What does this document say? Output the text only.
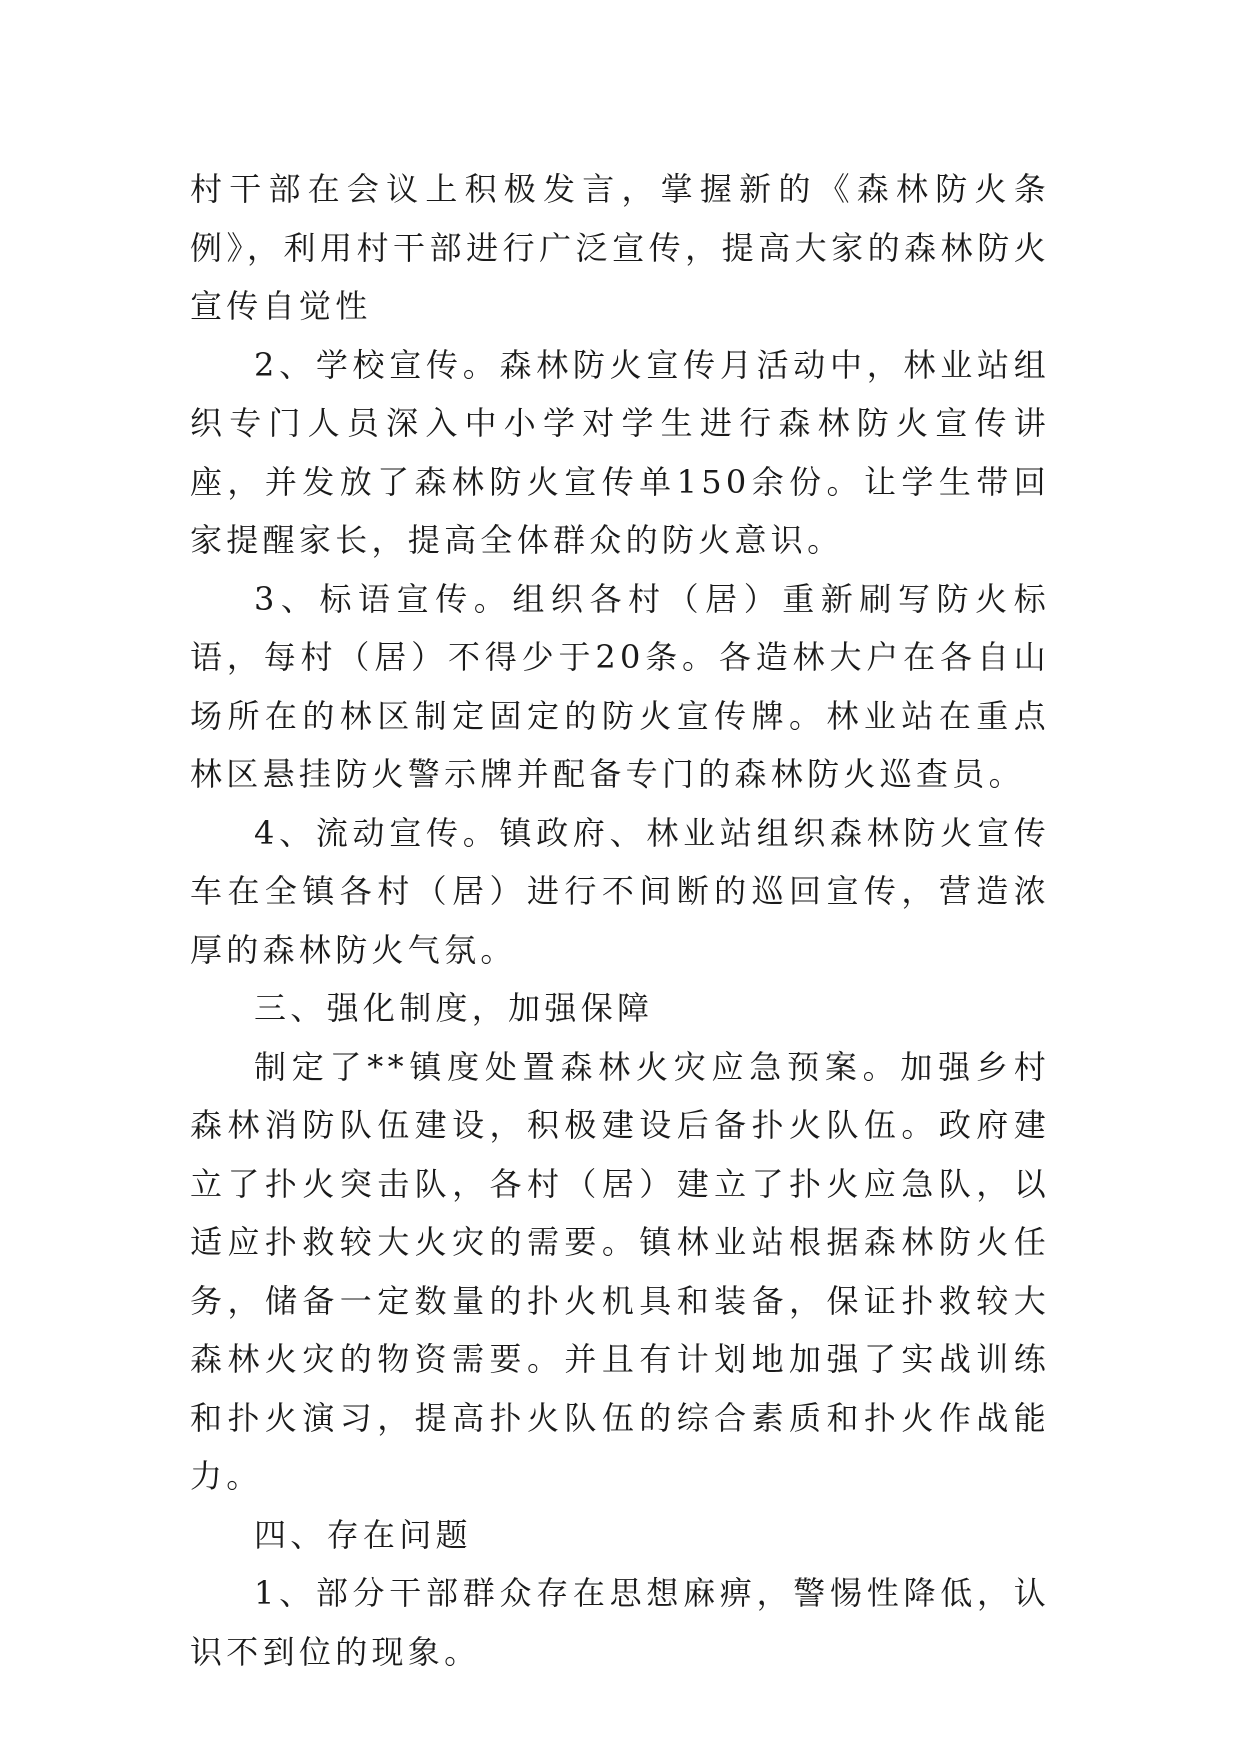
村干部在会议上积极发言，掌握新的《森林防火条例》，利用村干部进行广泛宣传，提高大家的森林防火宣传自觉性

2、学校宣传。森林防火宣传月活动中，林业站组织专门人员深入中小学对学生进行森林防火宣传讲座，并发放了森林防火宣传单150余份。让学生带回家提醒家长，提高全体群众的防火意识。

3、标语宣传。组织各村（居）重新刷写防火标语，每村（居）不得少于20条。各造林大户在各自山场所在的林区制定固定的防火宣传牌。林业站在重点林区悬挂防火警示牌并配备专门的森林防火巡查员。

4、流动宣传。镇政府、林业站组织森林防火宣传车在全镇各村（居）进行不间断的巡回宣传，营造浓厚的森林防火气氛。

三、强化制度，加强保障

制定了**镇度处置森林火灾应急预案。加强乡村森林消防队伍建设，积极建设后备扑火队伍。政府建立了扑火突击队，各村（居）建立了扑火应急队，以适应扑救较大火灾的需要。镇林业站根据森林防火任务，储备一定数量的扑火机具和装备，保证扑救较大森林火灾的物资需要。并且有计划地加强了实战训练和扑火演习，提高扑火队伍的综合素质和扑火作战能力。

四、存在问题

1、部分干部群众存在思想麻痹，警惕性降低，认识不到位的现象。
